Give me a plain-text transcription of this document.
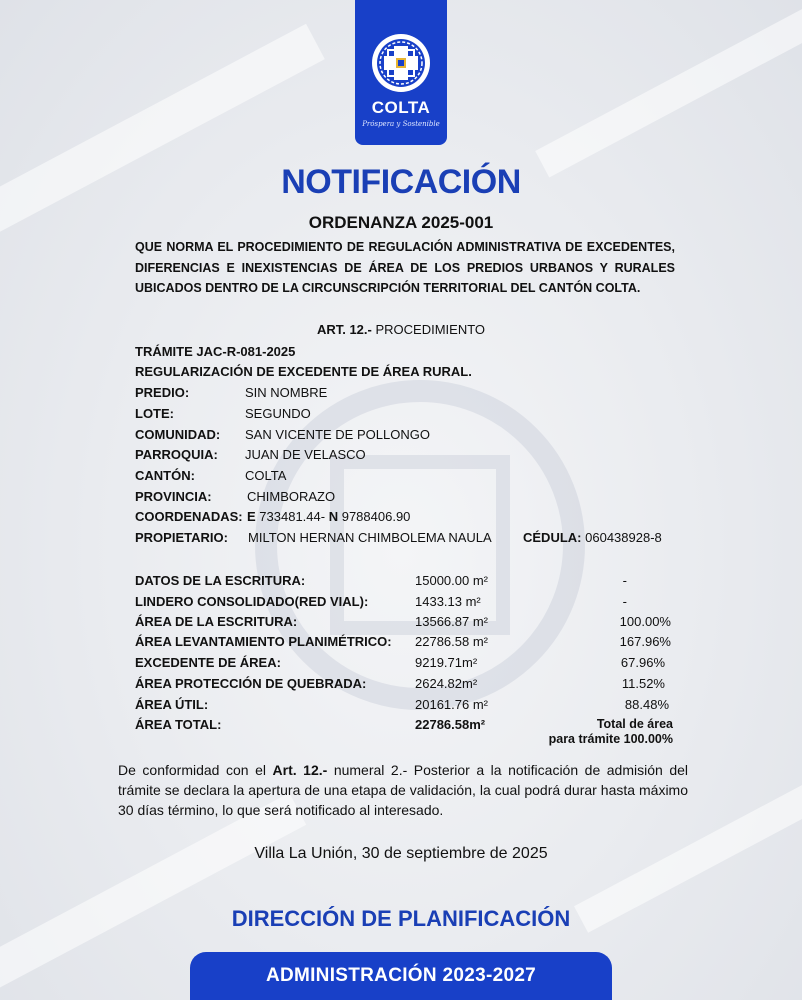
COLTA
Próspera y Sostenible
NOTIFICACIÓN
ORDENANZA 2025-001
QUE NORMA EL PROCEDIMIENTO DE REGULACIÓN ADMINISTRATIVA DE EXCEDENTES, DIFERENCIAS E INEXISTENCIAS DE ÁREA DE LOS PREDIOS URBANOS Y RURALES UBICADOS DENTRO DE LA CIRCUNSCRIPCIÓN TERRITORIAL DEL CANTÓN COLTA.
ART. 12.- PROCEDIMIENTO
TRÁMITE JAC-R-081-2025
REGULARIZACIÓN DE EXCEDENTE DE ÁREA RURAL.
PREDIO:	SIN NOMBRE
LOTE:	SEGUNDO
COMUNIDAD: SAN VICENTE DE POLLONGO
PARROQUIA: JUAN DE VELASCO
CANTÓN:	COLTA
PROVINCIA:	CHIMBORAZO
COORDENADAS: E 733481.44- N 9788406.90
PROPIETARIO: MILTON HERNAN CHIMBOLEMA NAULA CÉDULA: 060438928-8
DATOS DE LA ESCRITURA:	15000.00 m²	-
LINDERO CONSOLIDADO(RED VIAL):	1433.13 m²	-
ÁREA DE LA ESCRITURA:	13566.87 m²	100.00%
ÁREA LEVANTAMIENTO PLANIMÉTRICO: 22786.58 m²	167.96%
EXCEDENTE DE ÁREA:	9219.71m²	67.96%
ÁREA PROTECCIÓN DE QUEBRADA:	2624.82m²	11.52%
ÁREA ÚTIL:	20161.76 m²	88.48%
ÁREA TOTAL:	22786.58m²	Total de área
para trámite 100.00%
De conformidad con el Art. 12.- numeral 2.- Posterior a la notificación de admisión del trámite se declara la apertura de una etapa de validación, la cual podrá durar hasta máximo 30 días término, lo que será notificado al interesado.
Villa La Unión, 30 de septiembre de 2025
DIRECCIÓN DE PLANIFICACIÓN
ADMINISTRACIÓN 2023-2027
